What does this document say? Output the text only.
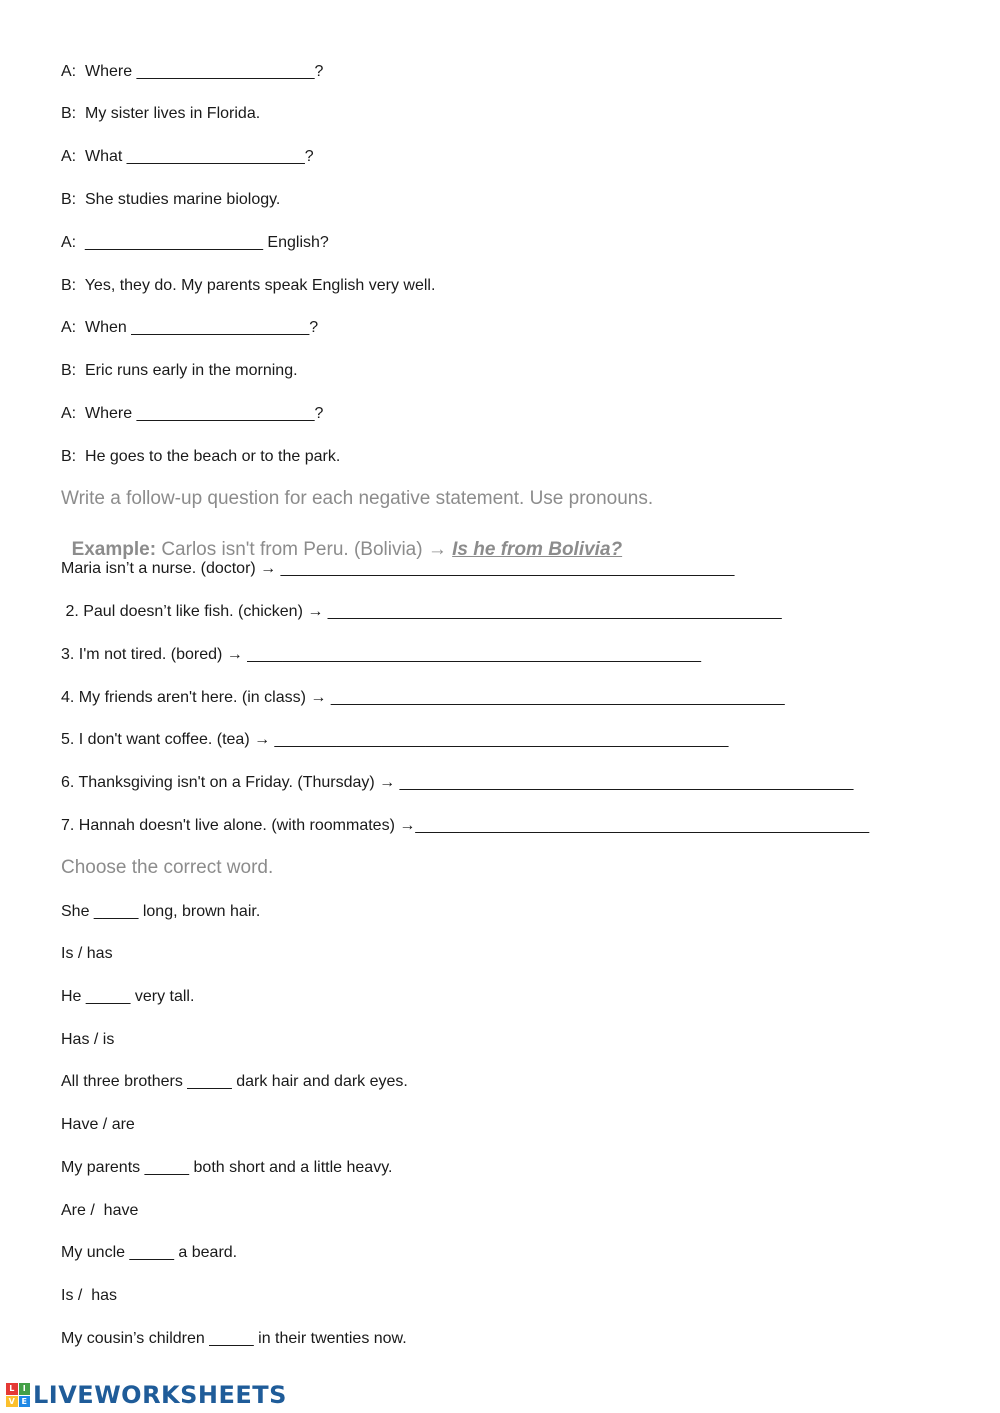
A:  Where ____________________?
B:  My sister lives in Florida.
A:  What ____________________?
B:  She studies marine biology.
A:  ____________________ English?
B:  Yes, they do. My parents speak English very well.
A:  When ____________________?
B:  Eric runs early in the morning.
A:  Where ____________________?
B:  He goes to the beach or to the park.
Write a follow-up question for each negative statement. Use pronouns.

Example: Carlos isn't from Peru. (Bolivia) → Is he from Bolivia?

Maria isn’t a nurse. (doctor) → ___________________________________________________
2. Paul doesn’t like fish. (chicken) → ___________________________________________________
3. I'm not tired. (bored) → ___________________________________________________
4. My friends aren't here. (in class) → ___________________________________________________
5. I don't want coffee. (tea) → ___________________________________________________
6. Thanksgiving isn't on a Friday. (Thursday) → ___________________________________________________
7. Hannah doesn't live alone. (with roommates) →___________________________________________________
Choose the correct word.
She _____ long, brown hair.
Is / has
He _____ very tall.
Has / is
All three brothers _____ dark hair and dark eyes.
Have / are
My parents _____ both short and a little heavy.
Are /  have
My uncle _____ a beard.
Is /  has
My cousin’s children _____ in their twenties now.
L	I
V E LIVEWORKSHEETS
